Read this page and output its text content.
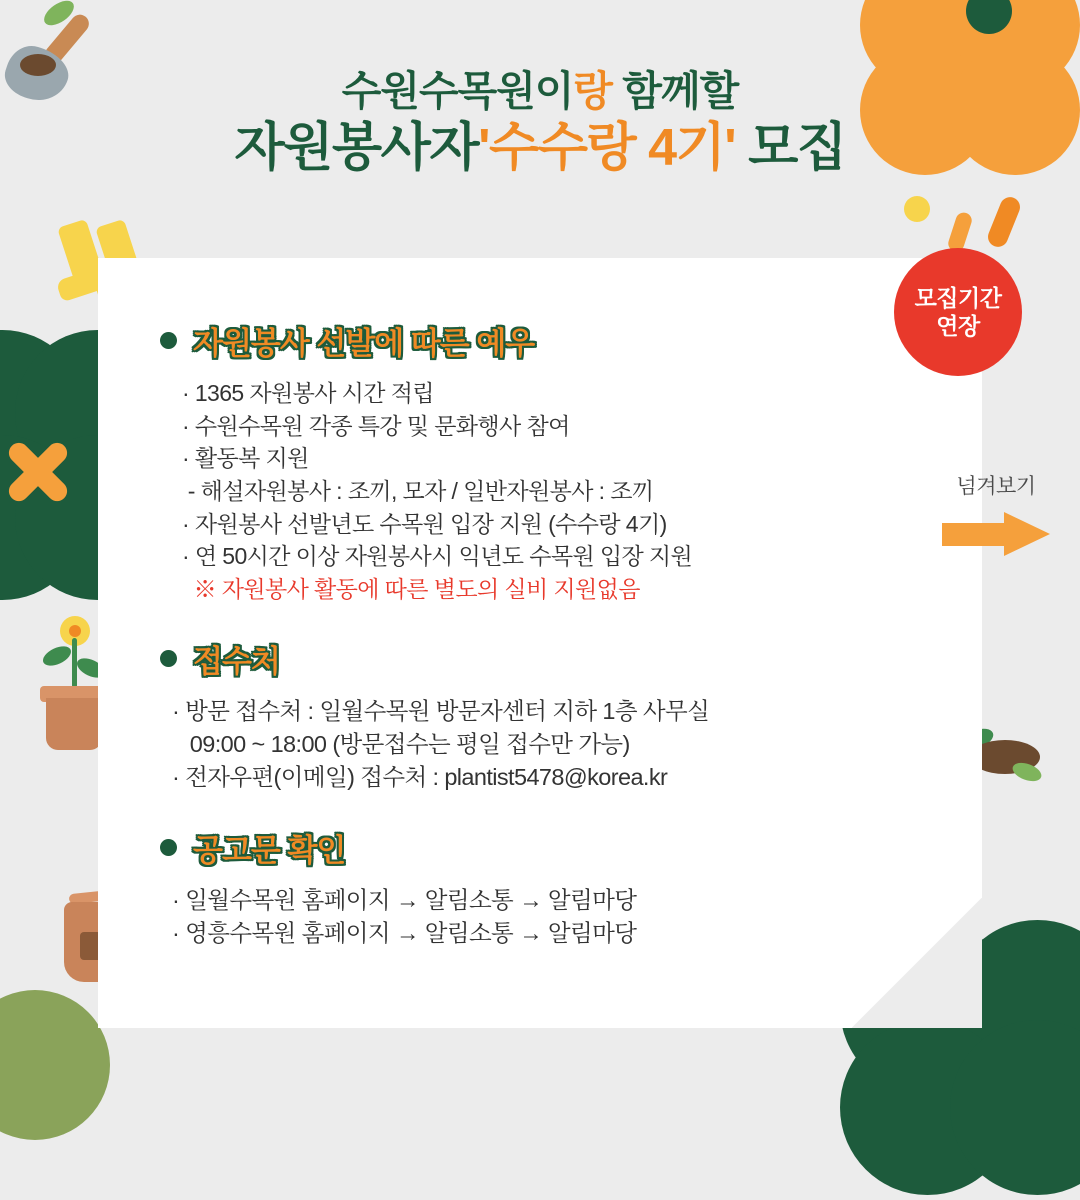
수원수목원이랑 함께할
자원봉사자'수수랑 4기' 모집
모집기간
연장
넘겨보기
자원봉사 선발에 따른 예우
· 1365 자원봉사 시간 적립
· 수원수목원 각종 특강 및 문화행사 참여
· 활동복 지원
- 해설자원봉사 : 조끼, 모자 / 일반자원봉사 : 조끼
· 자원봉사 선발년도 수목원 입장 지원 (수수랑 4기)
· 연 50시간 이상 자원봉사시 익년도 수목원 입장 지원
※ 자원봉사 활동에 따른 별도의 실비 지원없음
접수처
· 방문 접수처 : 일월수목원 방문자센터 지하 1층 사무실
09:00 ~ 18:00 (방문접수는 평일 접수만 가능)
· 전자우편(이메일) 접수처 : plantist5478@korea.kr
공고문 확인
· 일월수목원 홈페이지 → 알림소통 → 알림마당
· 영흥수목원 홈페이지 → 알림소통 → 알림마당
